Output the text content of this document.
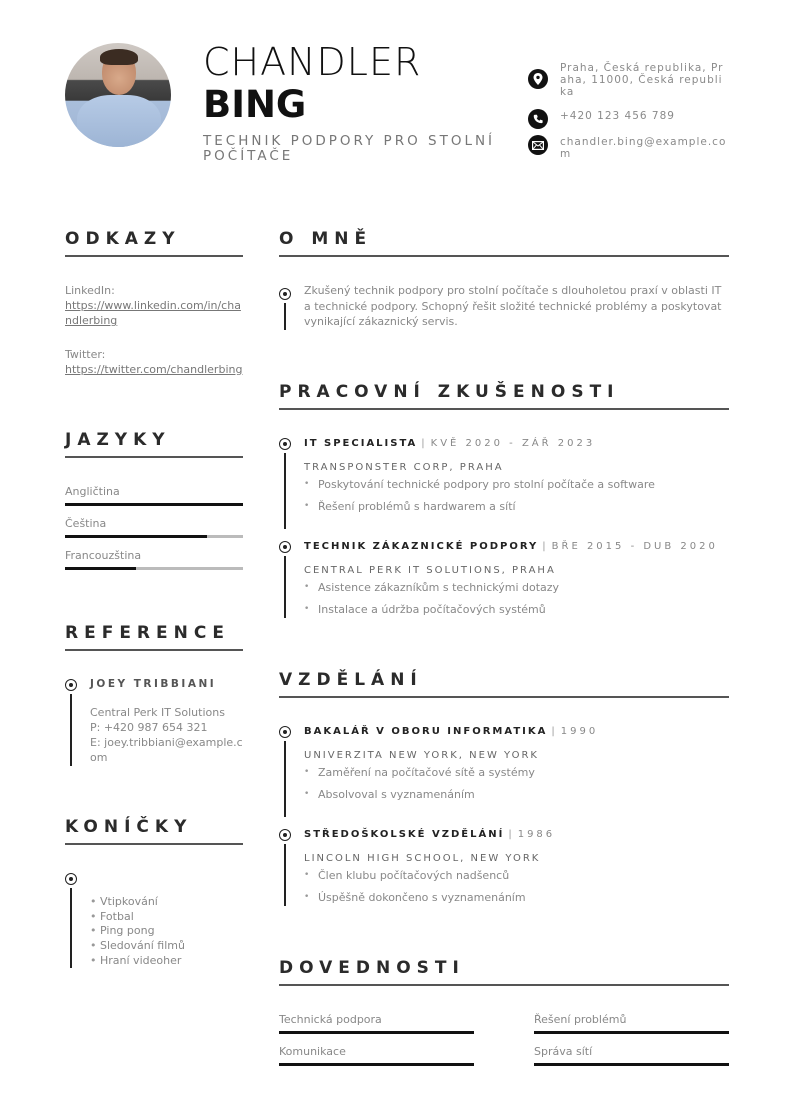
CHANDLER
BING
TECHNIK PODPORY PRO STOLNÍ POČÍTAČE
Praha, Česká republika, Praha, 11000, Česká republika
+420 123 456 789
chandler.bing@example.com
ODKAZY
LinkedIn:
https://www.linkedin.com/in/chandlerbing
Twitter:
https://twitter.com/chandlerbing
JAZYKY
Angličtina
Čeština
Francouzština
REFERENCE
JOEY TRIBBIANI
Central Perk IT Solutions
P: +420 987 654 321
E: joey.tribbiani@example.com
KONÍČKY
• Vtipkování
• Fotbal
• Ping pong
• Sledování filmů
• Hraní videoher
O MNĚ
Zkušený technik podpory pro stolní počítače s dlouholetou praxí v oblasti IT a technické podpory. Schopný řešit složité technické problémy a poskytovat vynikající zákaznický servis.
PRACOVNÍ ZKUŠENOSTI
IT SPECIALISTA | KVĚ 2020 - ZÁŘ 2023
TRANSPONSTER CORP, PRAHA
• Poskytování technické podpory pro stolní počítače a software
• Řešení problémů s hardwarem a sítí
TECHNIK ZÁKAZNICKÉ PODPORY | BŘE 2015 - DUB 2020
CENTRAL PERK IT SOLUTIONS, PRAHA
• Asistence zákazníkům s technickými dotazy
• Instalace a údržba počítačových systémů
VZDĚLÁNÍ
BAKALÁŘ V OBORU INFORMATIKA | 1990
UNIVERZITA NEW YORK, NEW YORK
• Zaměření na počítačové sítě a systémy
• Absolvoval s vyznamenáním
STŘEDOŠKOLSKÉ VZDĚLÁNÍ | 1986
LINCOLN HIGH SCHOOL, NEW YORK
• Člen klubu počítačových nadšenců
• Úspěšně dokončeno s vyznamenáním
DOVEDNOSTI
Technická podpora	Řešení problémů
Komunikace	Správa sítí
